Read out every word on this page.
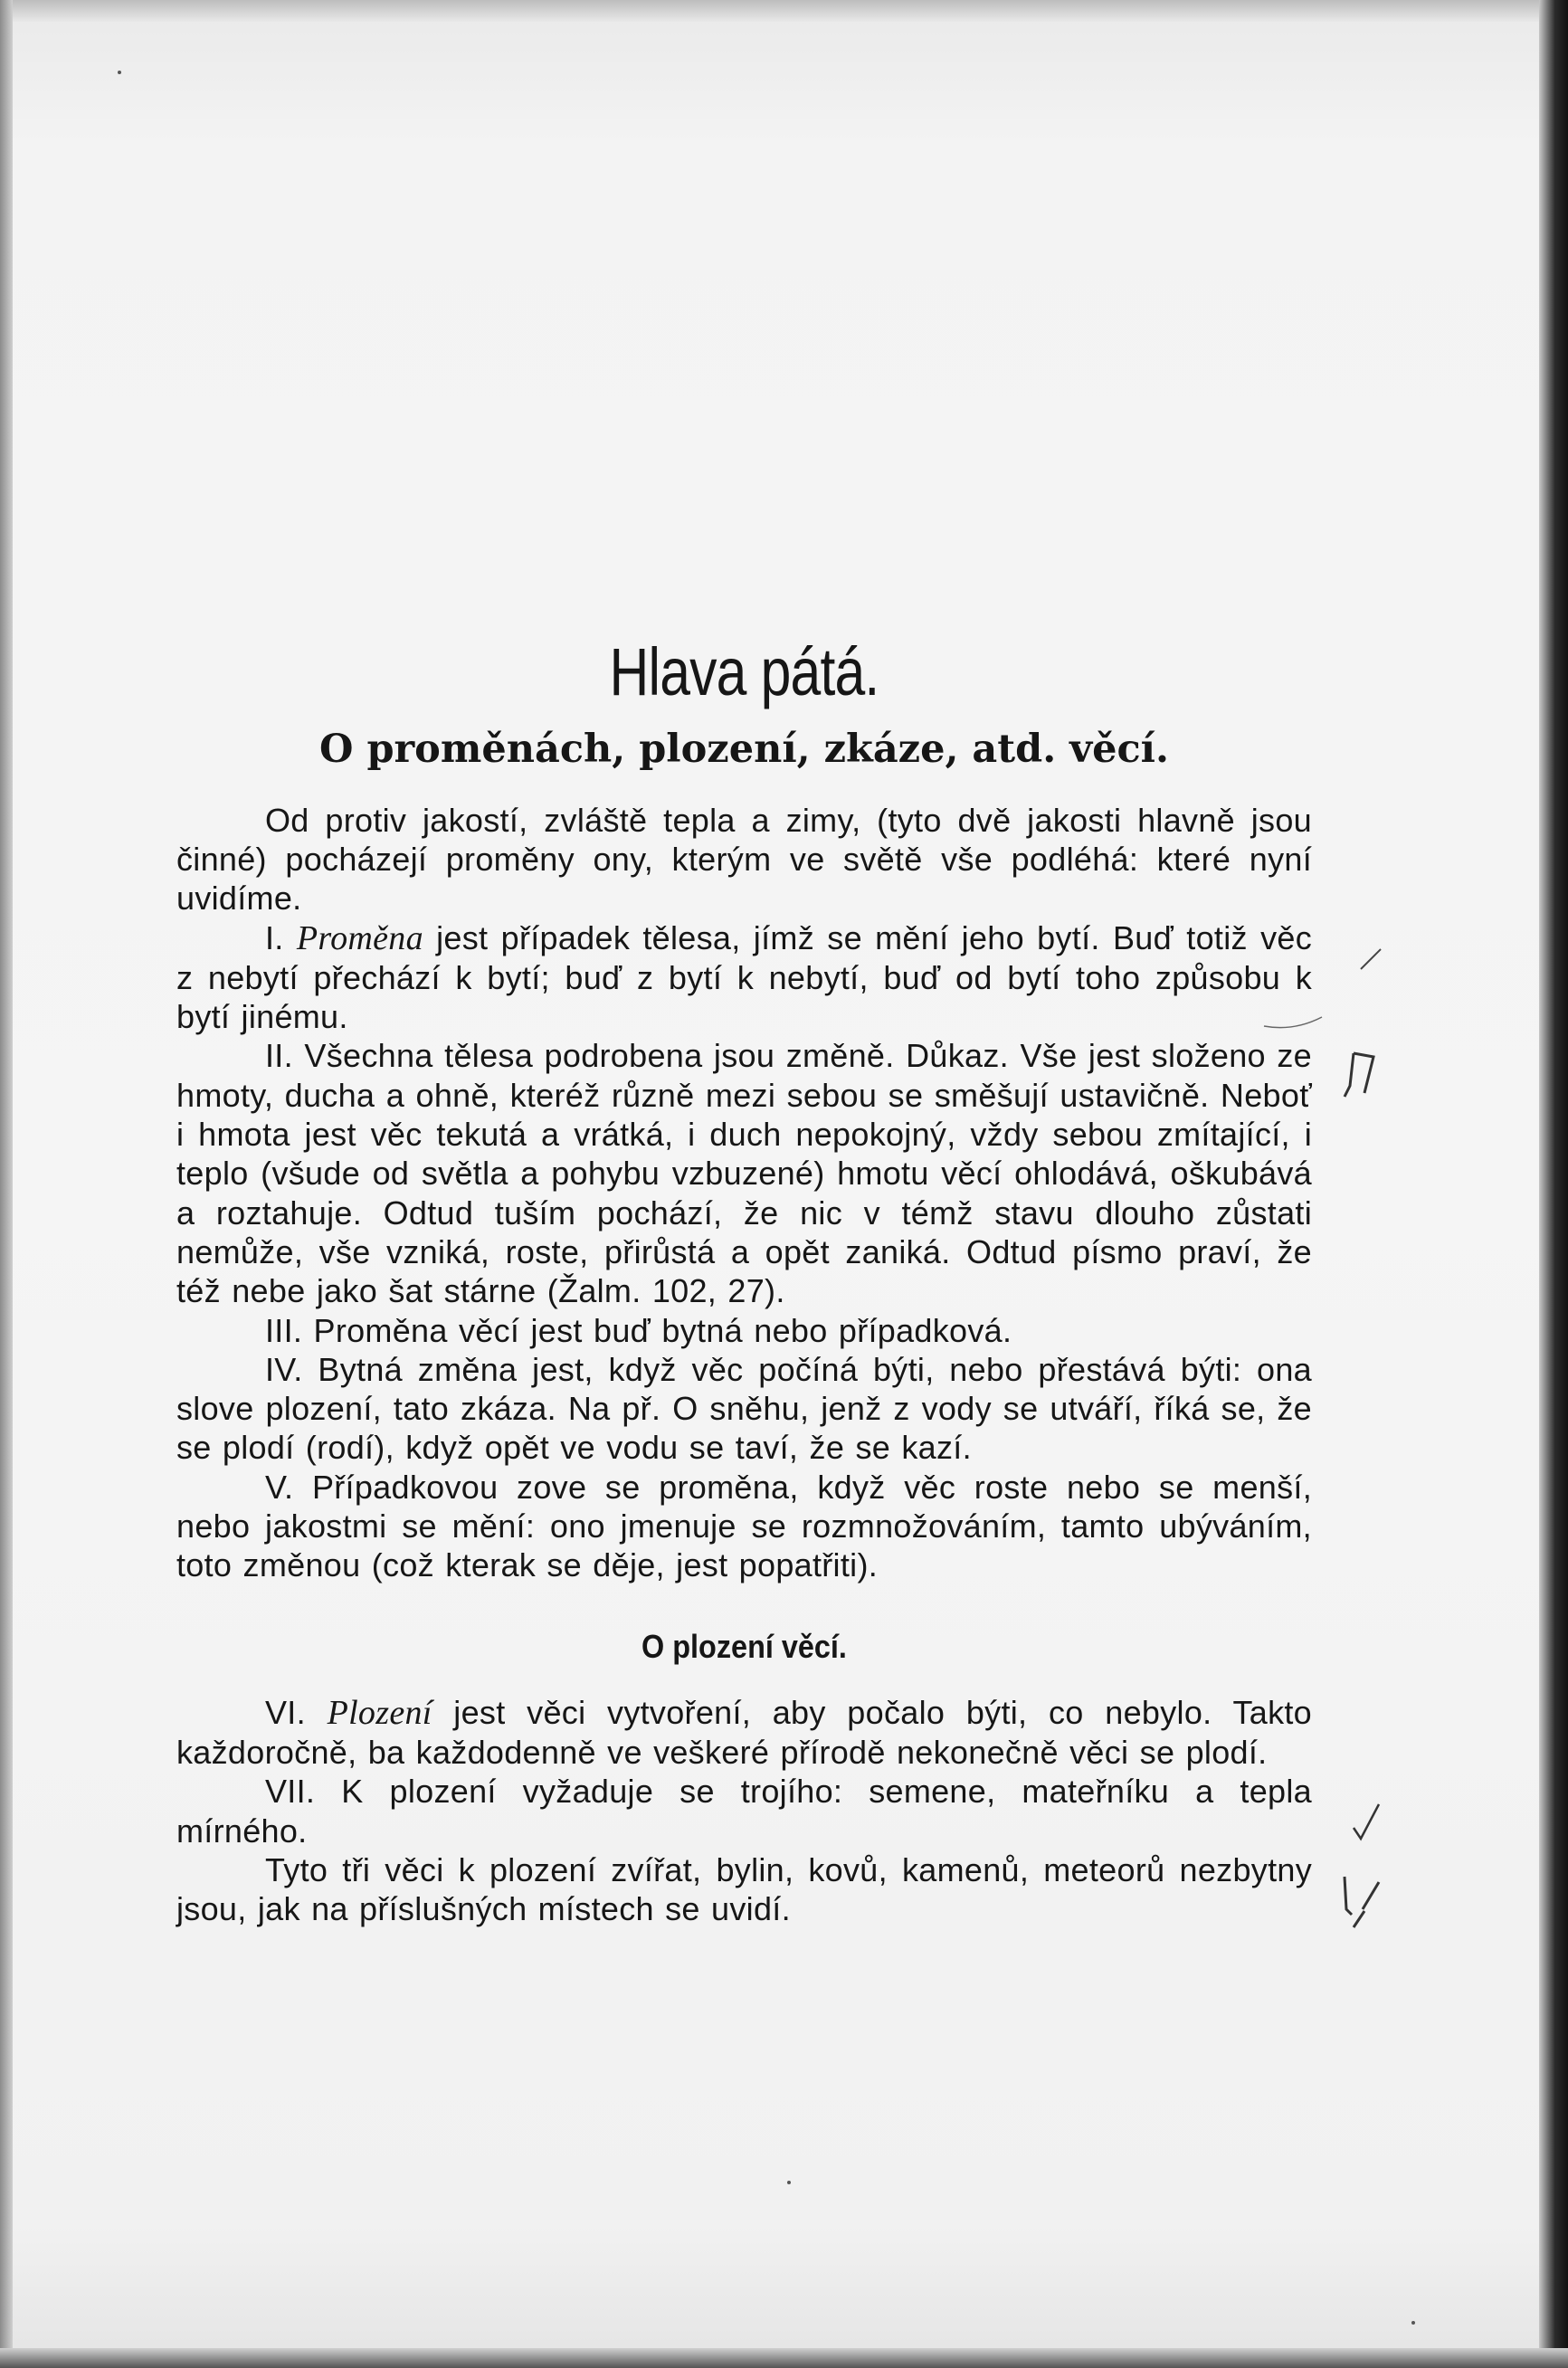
Hlava pátá.
O proměnách, plození, zkáze, atd. věcí.

Od protiv jakostí, zvláště tepla a zimy, (tyto dvě jakosti hlavně jsou činné) pocházejí proměny ony, kterým ve světě vše podléhá: které nyní uvidíme.

I. Proměna jest případek tělesa, jímž se mění jeho bytí. Buď totiž věc z nebytí přechází k bytí; buď z bytí k nebytí, buď od bytí toho způsobu k bytí jinému.

II. Všechna tělesa podrobena jsou změně. Důkaz. Vše jest složeno ze hmoty, ducha a ohně, kteréž různě mezi sebou se směšují ustavičně. Neboť i hmota jest věc tekutá a vrátká, i duch nepokojný, vždy sebou zmítající, i teplo (všude od světla a pohybu vzbuzené) hmotu věcí ohlodává, oškubává a roztahuje. Odtud tuším pochází, že nic v témž stavu dlouho zůstati nemůže, vše vzniká, roste, přirůstá a opět zaniká. Odtud písmo praví, že též nebe jako šat stárne (Žalm. 102, 27).

III. Proměna věcí jest buď bytná nebo případková.

IV. Bytná změna jest, když věc počíná býti, nebo přestává býti: ona slove plození, tato zkáza. Na př. O sněhu, jenž z vody se utváří, říká se, že se plodí (rodí), když opět ve vodu se taví, že se kazí.

V. Případkovou zove se proměna, když věc roste nebo se menší, nebo jakostmi se mění: ono jmenuje se rozmnožováním, tamto ubýváním, toto změnou (což kterak se děje, jest popatřiti).

O plození věcí.

VI. Plození jest věci vytvoření, aby počalo býti, co nebylo. Takto každoročně, ba každodenně ve veškeré přírodě nekonečně věci se plodí.

VII. K plození vyžaduje se trojího: semene, mateřníku a tepla mírného.

Tyto tři věci k plození zvířat, bylin, kovů, kamenů, meteorů nezbytny jsou, jak na příslušných místech se uvidí.
